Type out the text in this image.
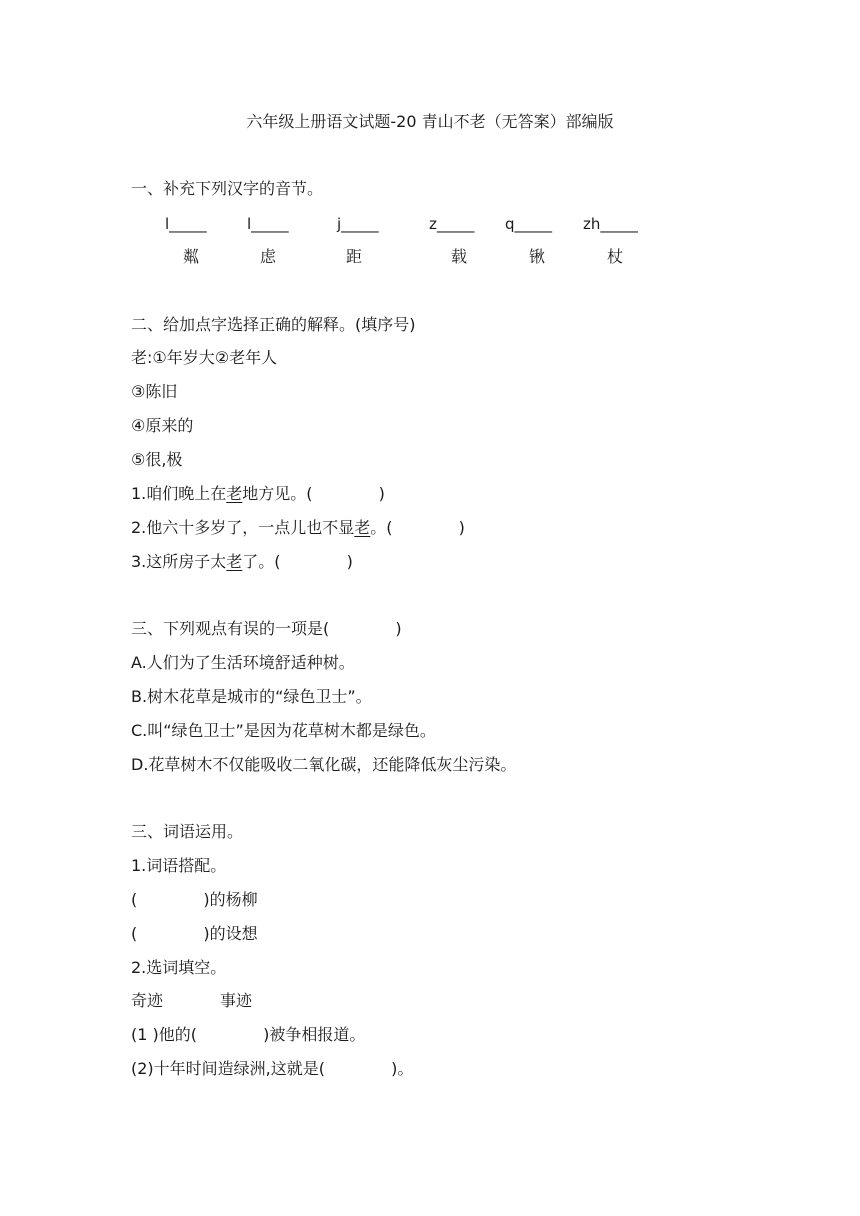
六年级上册语文试题-20 青山不老（无答案）部编版
一、补充下列汉字的音节。
l_____	l_____	j_____	z_____ q_____ zh_____
粼	虑	距	载	锹	杖
二、给加点字选择正确的解释。(填序号)
老:①年岁大②老年人
③陈旧
④原来的
⑤很,极
1.咱们晚上在老地方见。(             )
2.他六十多岁了，一点儿也不显老。(             )
3.这所房子太老了。(             )
三、下列观点有误的一项是(             )
A.人们为了生活环境舒适种树。
B.树木花草是城市的“绿色卫士”。
C.叫“绿色卫士”是因为花草树木都是绿色。
D.花草树木不仅能吸收二氧化碳，还能降低灰尘污染。
三、词语运用。
1.词语搭配。
(             )的杨柳
(             )的设想
2.选词填空。
奇迹	事迹
(1 )他的(             )被争相报道。
(2)十年时间造绿洲,这就是(             )。
